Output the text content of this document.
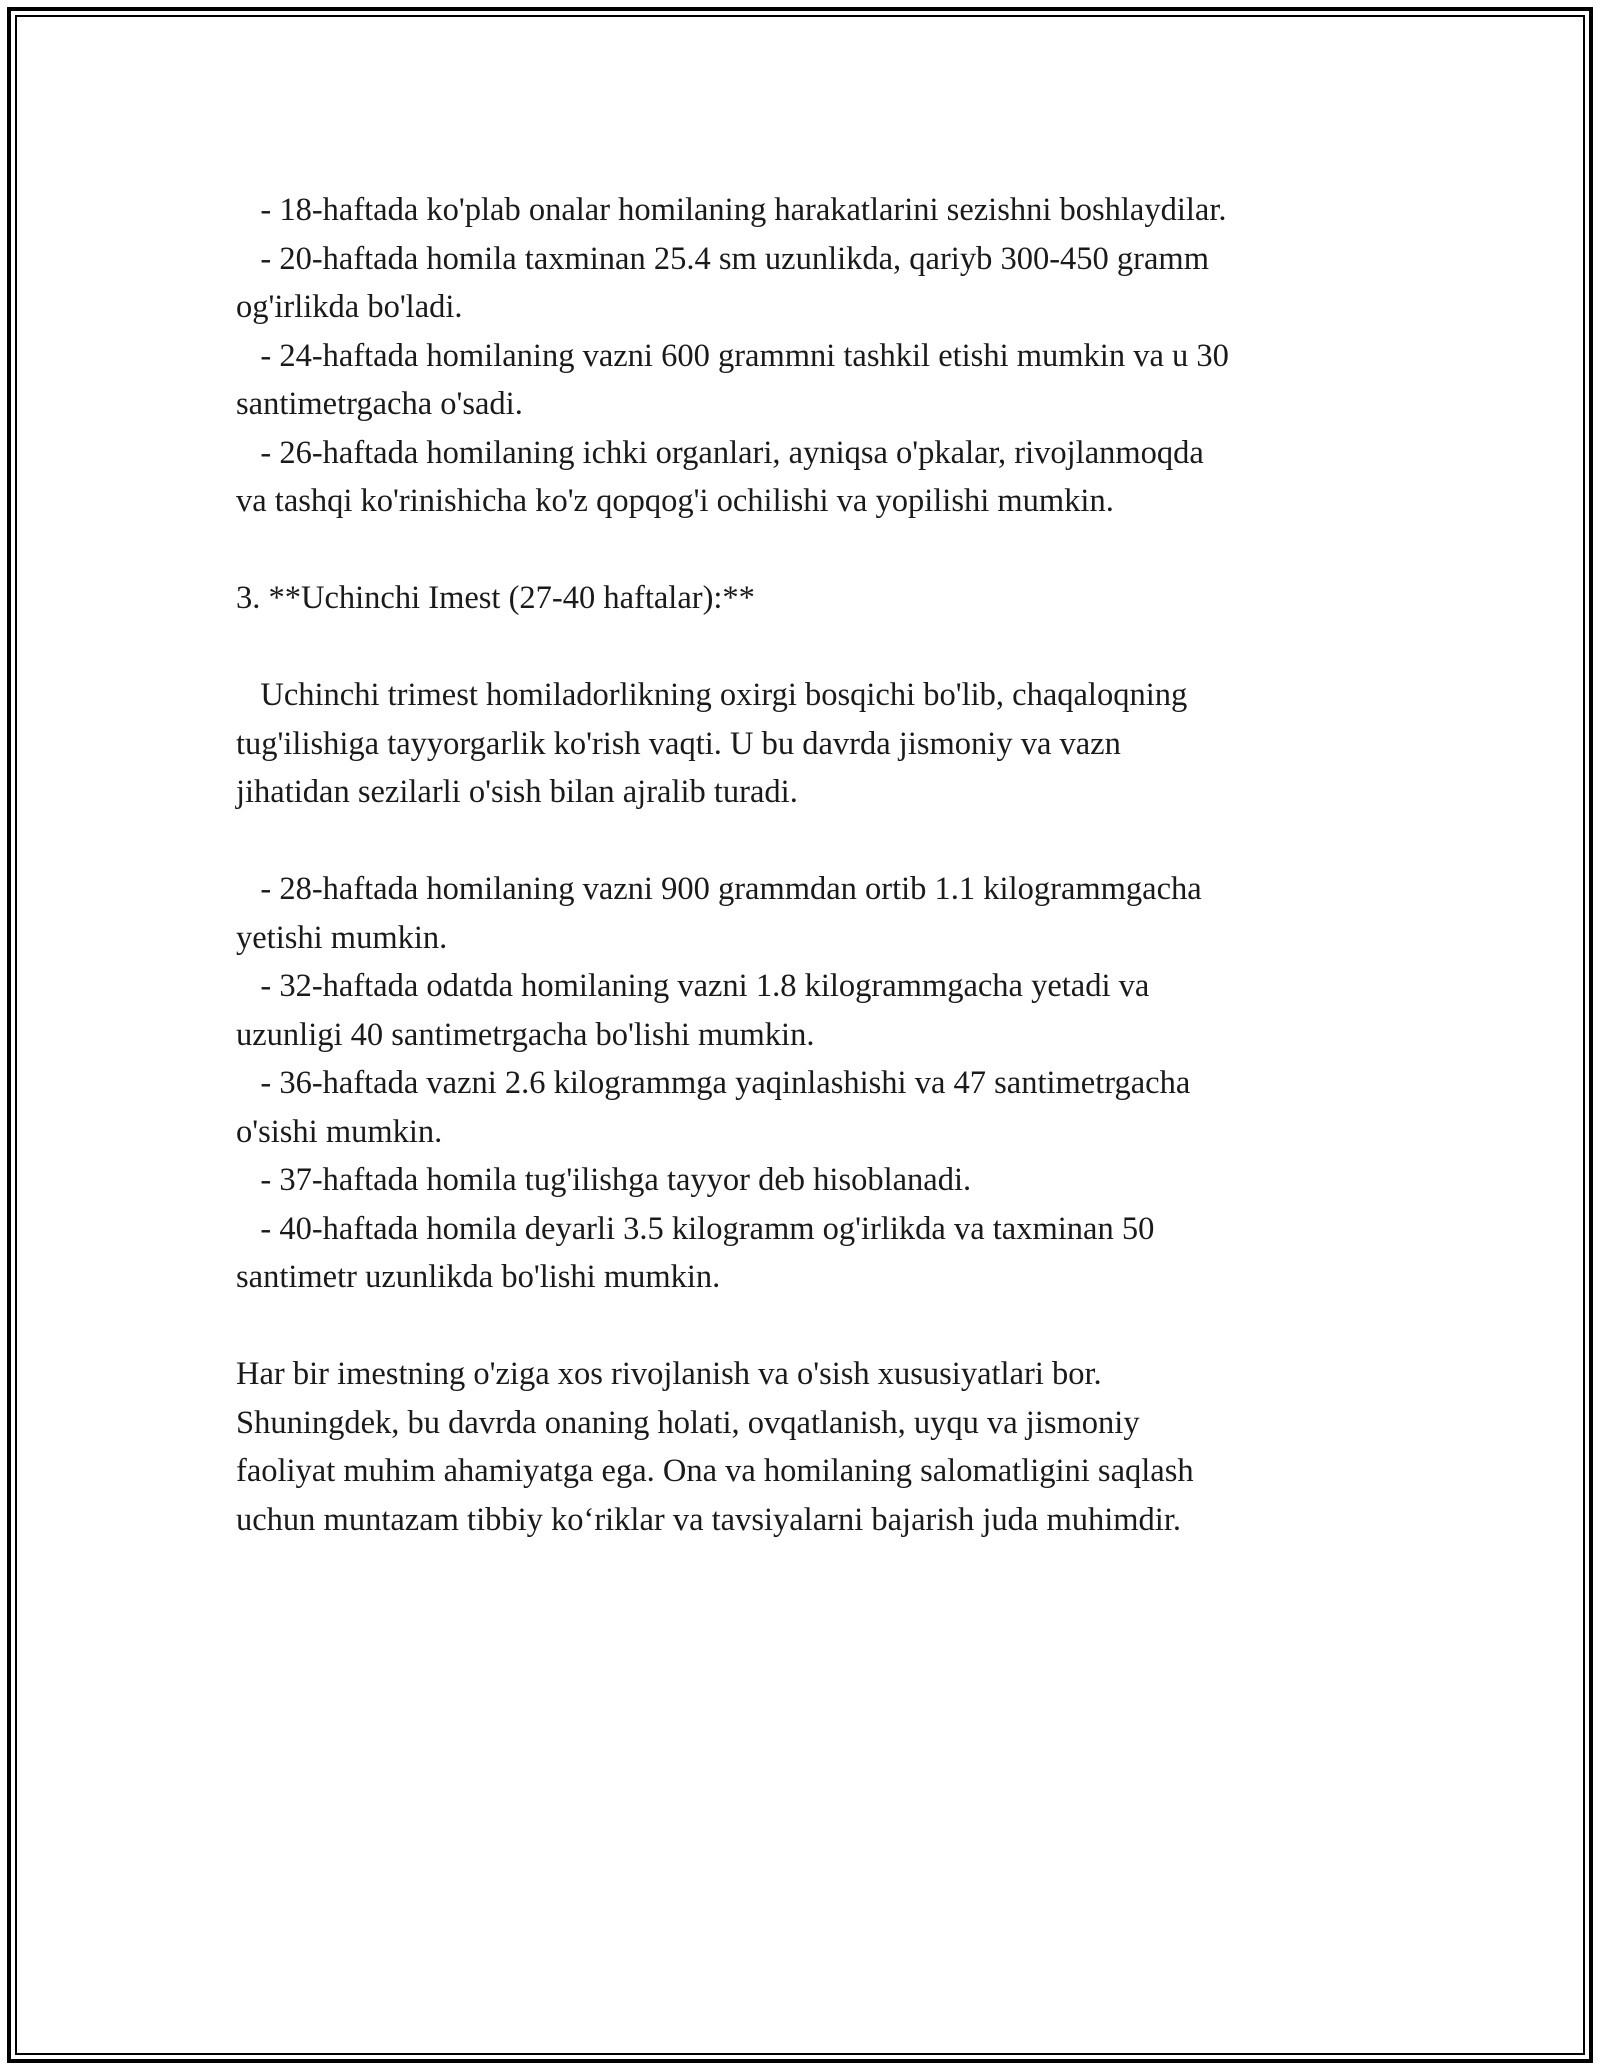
- 18-haftada ko'plab onalar homilaning harakatlarini sezishni boshlaydilar.
- 20-haftada homila taxminan 25.4 sm uzunlikda, qariyb 300-450 gramm
og'irlikda bo'ladi.
- 24-haftada homilaning vazni 600 grammni tashkil etishi mumkin va u 30
santimetrgacha o'sadi.
- 26-haftada homilaning ichki organlari, ayniqsa o'pkalar, rivojlanmoqda
va tashqi ko'rinishicha ko'z qopqog'i ochilishi va yopilishi mumkin.
3. **Uchinchi Imest (27-40 haftalar):**
Uchinchi trimest homiladorlikning oxirgi bosqichi bo'lib, chaqaloqning
tug'ilishiga tayyorgarlik ko'rish vaqti. U bu davrda jismoniy va vazn
jihatidan sezilarli o'sish bilan ajralib turadi.
- 28-haftada homilaning vazni 900 grammdan ortib 1.1 kilogrammgacha
yetishi mumkin.
- 32-haftada odatda homilaning vazni 1.8 kilogrammgacha yetadi va
uzunligi 40 santimetrgacha bo'lishi mumkin.
- 36-haftada vazni 2.6 kilogrammga yaqinlashishi va 47 santimetrgacha
o'sishi mumkin.
- 37-haftada homila tug'ilishga tayyor deb hisoblanadi.
- 40-haftada homila deyarli 3.5 kilogramm og'irlikda va taxminan 50
santimetr uzunlikda bo'lishi mumkin.
Har bir imestning o'ziga xos rivojlanish va o'sish xususiyatlari bor.
Shuningdek, bu davrda onaning holati, ovqatlanish, uyqu va jismoniy
faoliyat muhim ahamiyatga ega. Ona va homilaning salomatligini saqlash
uchun muntazam tibbiy ko‘riklar va tavsiyalarni bajarish juda muhimdir.
